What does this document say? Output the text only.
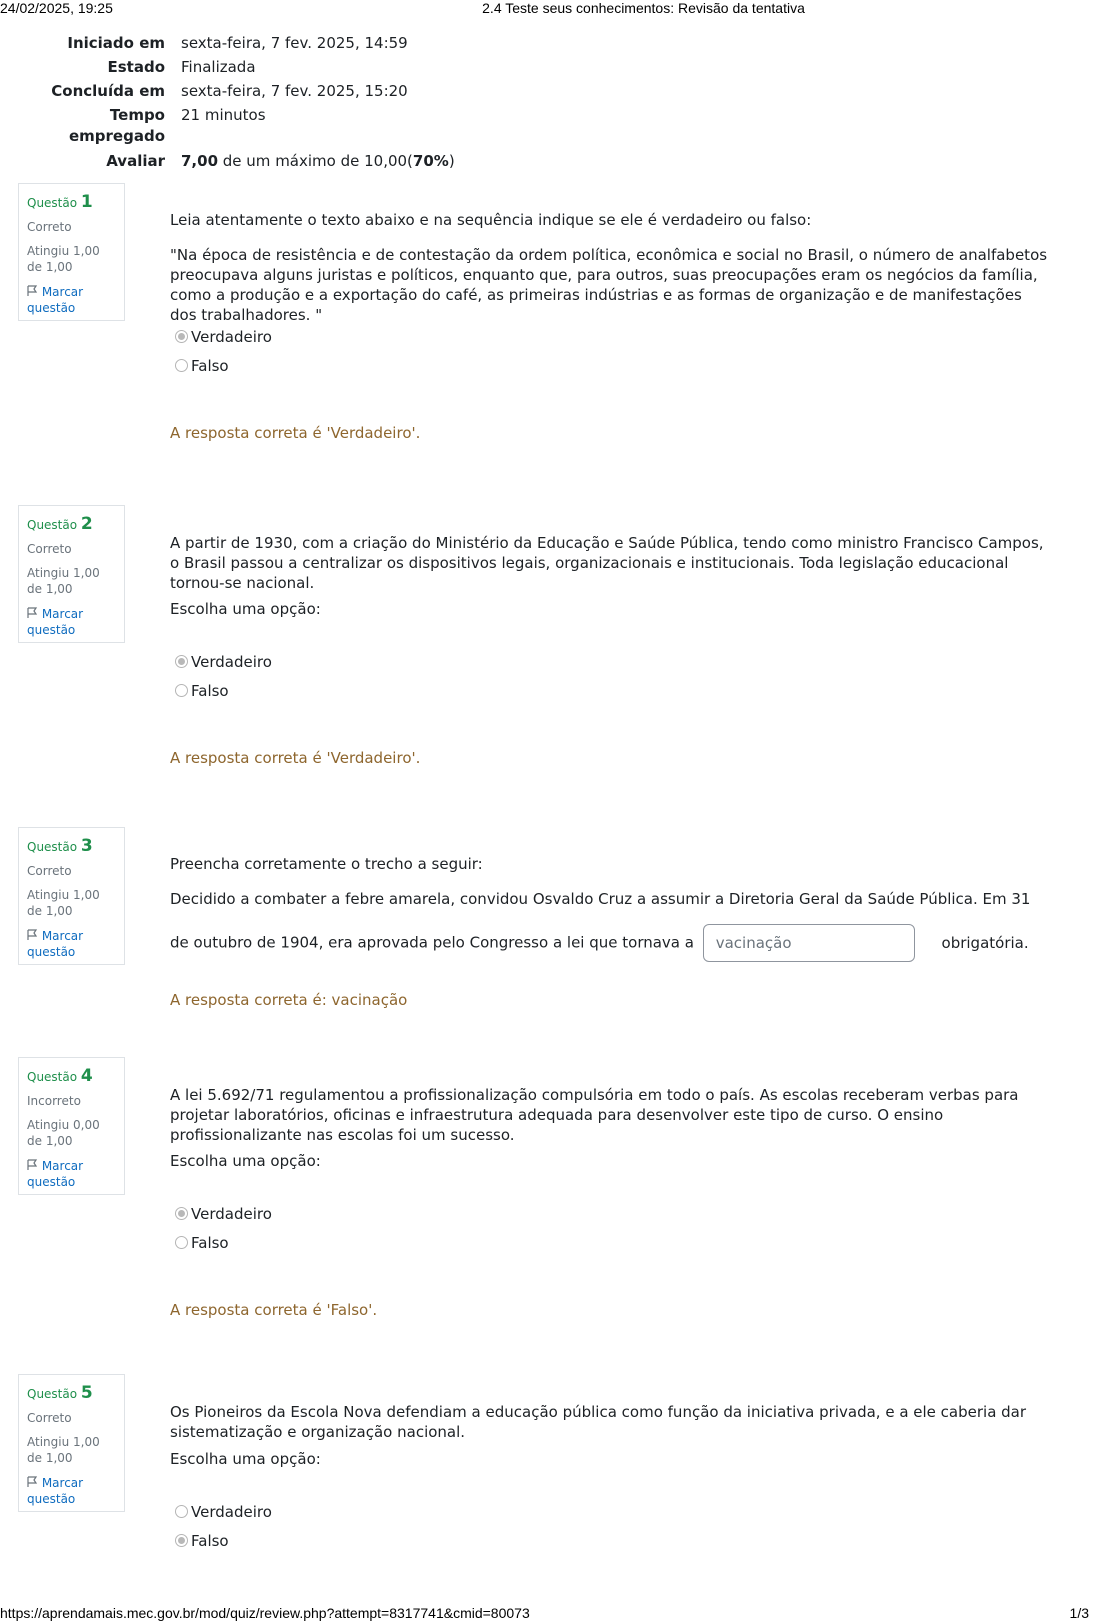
24/02/2025, 19:25	2.4 Teste seus conhecimentos: Revisão da tentativa
Iniciado em sexta-feira, 7 fev. 2025, 14:59
Estado Finalizada
Concluída em sexta-feira, 7 fev. 2025, 15:20
Tempo
empregado
21 minutos
Avaliar 7,00 de um máximo de 10,00(70%)
Questão 1
Correto
Atingiu 1,00 de 1,00
Marcar questão

Leia atentamente o texto abaixo e na sequência indique se ele é verdadeiro ou falso:

"Na época de resistência e de contestação da ordem política, econômica e social no Brasil, o número de analfabetos preocupava alguns juristas e políticos, enquanto que, para outros, suas preocupações eram os negócios da família, como a produção e a exportação do café, as primeiras indústrias e as formas de organização e de manifestações dos trabalhadores. "

Verdadeiro
Falso
A resposta correta é 'Verdadeiro'.
Questão 2
Correto
Atingiu 1,00 de 1,00
Marcar questão

A partir de 1930, com a criação do Ministério da Educação e Saúde Pública, tendo como ministro Francisco Campos, o Brasil passou a centralizar os dispositivos legais, organizacionais e institucionais. Toda legislação educacional tornou-se nacional.

Escolha uma opção:
Verdadeiro
Falso
A resposta correta é 'Verdadeiro'.
Questão 3
Correto
Atingiu 1,00 de 1,00
Marcar questão

Preencha corretamente o trecho a seguir:

Decidido a combater a febre amarela, convidou Osvaldo Cruz a assumir a Diretoria Geral da Saúde Pública. Em 31

de outubro de 1904, era aprovada pelo Congresso a lei que tornava a vacinação	obrigatória.

A resposta correta é: vacinação
Questão 4
Incorreto
Atingiu 0,00 de 1,00
Marcar questão

A lei 5.692/71 regulamentou a profissionalização compulsória em todo o país. As escolas receberam verbas para projetar laboratórios, oficinas e infraestrutura adequada para desenvolver este tipo de curso. O ensino profissionalizante nas escolas foi um sucesso.

Escolha uma opção:
Verdadeiro
Falso
A resposta correta é 'Falso'.
Questão 5
Correto
Atingiu 1,00 de 1,00
Marcar questão

Os Pioneiros da Escola Nova defendiam a educação pública como função da iniciativa privada, e a ele caberia dar sistematização e organização nacional.

Escolha uma opção:
Verdadeiro
Falso
https://aprendamais.mec.gov.br/mod/quiz/review.php?attempt=8317741&cmid=80073	1/3
